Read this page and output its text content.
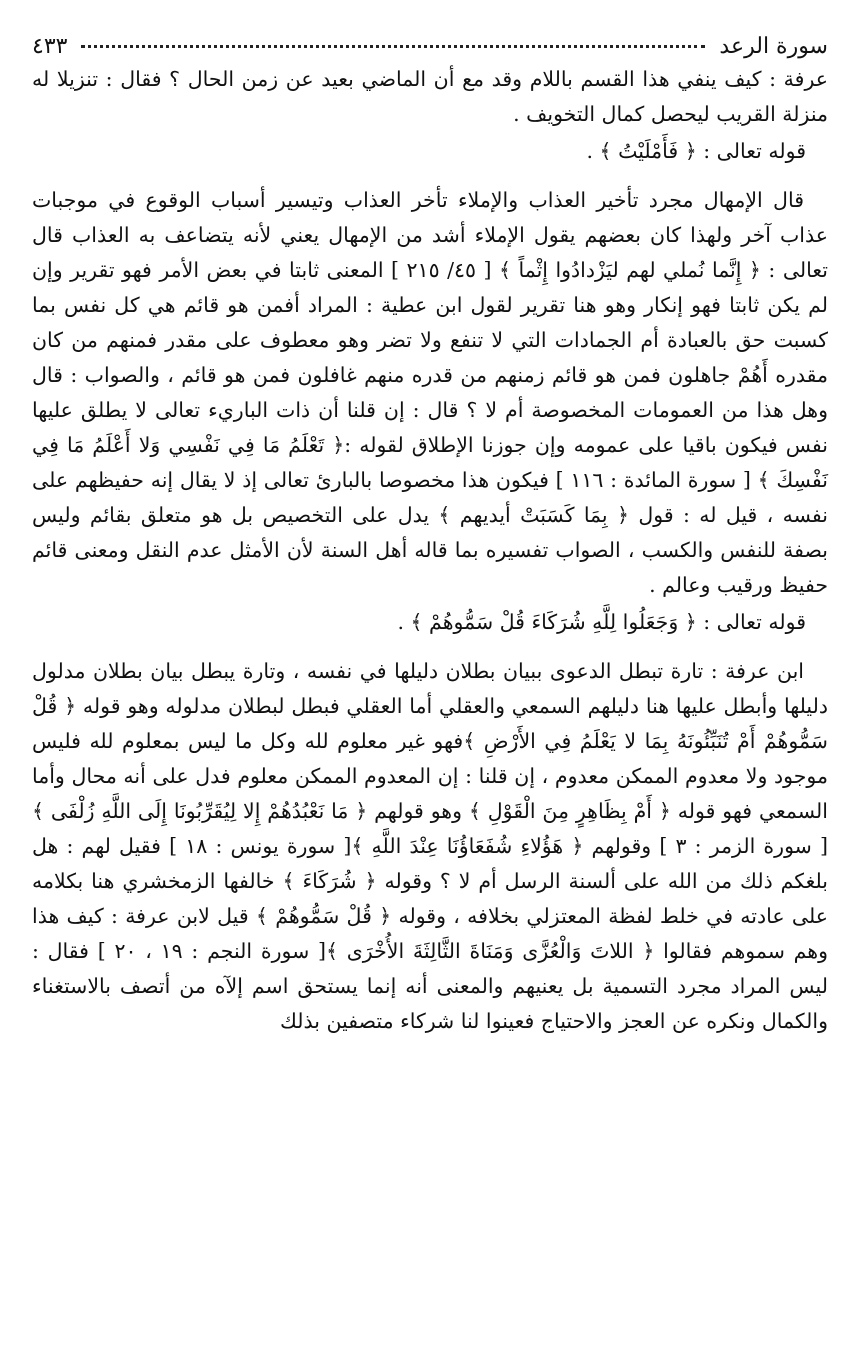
سورة الرعد
٤٣٣

عرفة : كيف ينفي هذا القسم باللام وقد مع أن الماضي بعيد عن زمن الحال ؟ فقال : تنزيلا له منزلة القريب ليحصل كمال التخويف .

قوله تعالى : ﴿ فَأَمْلَيْتُ ﴾ .

قال الإمهال مجرد تأخير العذاب والإملاء تأخر العذاب وتيسير أسباب الوقوع في موجبات عذاب آخر ولهذا كان بعضهم يقول الإملاء أشد من الإمهال يعني لأنه يتضاعف به العذاب قال تعالى : ﴿ إِنَّما نُملي لهم ليَزْدادُوا إِثْماً ﴾ [ ٤٥/ ٢١٥ ] المعنى ثابتا في بعض الأمر فهو تقرير وإن لم يكن ثابتا فهو إنكار وهو هنا تقرير لقول ابن عطية : المراد أفمن هو قائم هي كل نفس بما كسبت حق بالعبادة أم الجمادات التي لا تنفع ولا تضر وهو معطوف على مقدر فمنهم من كان مقدره أَهُمْ جاهلون فمن هو قائم زمنهم من قدره منهم غافلون فمن هو قائم ، والصواب : قال وهل هذا من العمومات المخصوصة أم لا ؟ قال : إن قلنا أن ذات الباريء تعالى لا يطلق عليها نفس فيكون باقيا على عمومه وإن جوزنا الإطلاق لقوله :﴿ تَعْلَمُ مَا فِي نَفْسِي وَلا أَعْلَمُ مَا فِي نَفْسِكَ ﴾ [ سورة المائدة : ١١٦ ] فيكون هذا مخصوصا بالبارئ تعالى إذ لا يقال إنه حفيظهم على نفسه ، قيل له : قول ﴿ بِمَا كَسَبَتْ أيديهم ﴾ يدل على التخصيص بل هو متعلق بقائم وليس بصفة للنفس والكسب ، الصواب تفسيره بما قاله أهل السنة لأن الأمثل عدم النقل ومعنى قائم حفيظ ورقيب وعالم .

قوله تعالى : ﴿ وَجَعَلُوا لِلَّهِ شُرَكَاءَ قُلْ سَمُّوهُمْ ﴾ .

ابن عرفة : تارة تبطل الدعوى ببيان بطلان دليلها في نفسه ، وتارة يبطل بيان بطلان مدلول دليلها وأبطل عليها هنا دليلهم السمعي والعقلي أما العقلي فبطل لبطلان مدلوله وهو قوله ﴿ قُلْ سَمُّوهُمْ أَمْ تُنَبِّئُونَهُ بِمَا لا يَعْلَمُ فِي الأَرْضِ ﴾فهو غير معلوم لله وكل ما ليس بمعلوم لله فليس موجود ولا معدوم الممكن معدوم ، إن قلنا : إن المعدوم الممكن معلوم فدل على أنه محال وأما السمعي فهو قوله ﴿ أَمْ بِظَاهِرٍ مِنَ الْقَوْلِ ﴾ وهو قولهم ﴿ مَا نَعْبُدُهُمْ إِلا لِيُقَرِّبُونَا إِلَى اللَّهِ زُلْفَى ﴾[ سورة الزمر : ٣ ] وقولهم ﴿ هَؤُلاءِ شُفَعَاؤُنَا عِنْدَ اللَّهِ ﴾[ سورة يونس : ١٨ ] فقيل لهم : هل بلغكم ذلك من الله على ألسنة الرسل أم لا ؟ وقوله ﴿ شُرَكَاءَ ﴾ خالفها الزمخشري هنا بكلامه على عادته في خلط لفظة المعتزلي بخلافه ، وقوله ﴿ قُلْ سَمُّوهُمْ ﴾ قيل لابن عرفة : كيف هذا وهم سموهم فقالوا ﴿ اللاتَ وَالْعُزَّى وَمَنَاةَ الثَّالِثَةَ الأُخْرَى ﴾[ سورة النجم : ١٩ ، ٢٠ ] فقال : ليس المراد مجرد التسمية بل يعنيهم والمعنى أنه إنما يستحق اسم إلآه من أتصف بالاستغناء والكمال ونكره عن العجز والاحتياج فعينوا لنا شركاء متصفين بذلك
